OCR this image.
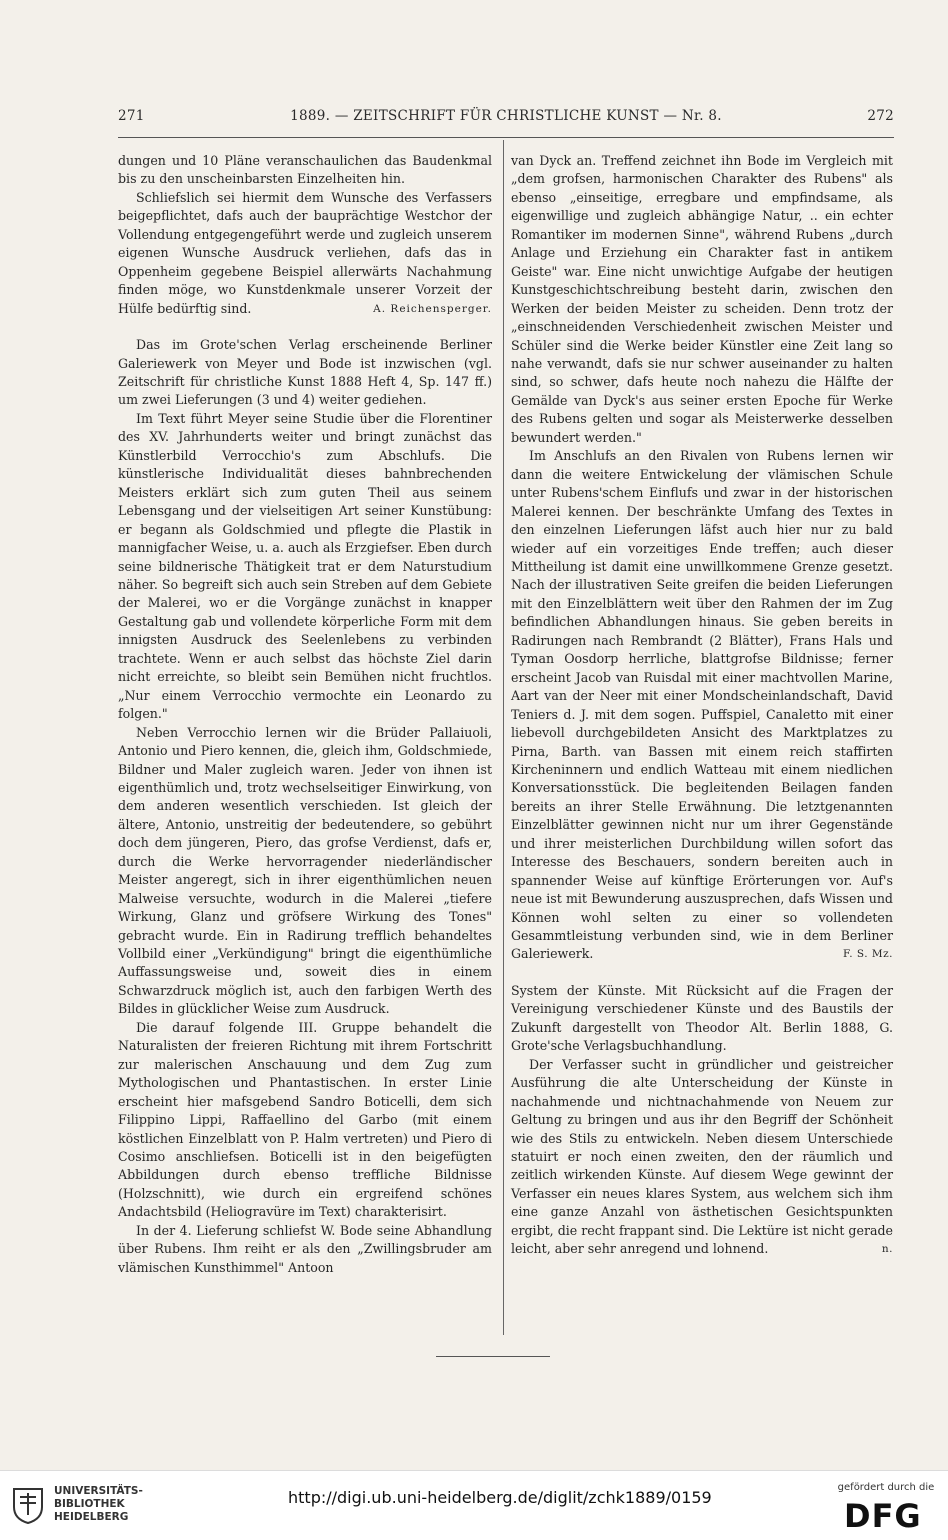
271	1889. — ZEITSCHRIFT FÜR CHRISTLICHE KUNST — Nr. 8.	272

dungen und 10 Pläne veranschaulichen das Baudenkmal bis zu den unscheinbarsten Einzelheiten hin.

Schliefslich sei hiermit dem Wunsche des Verfassers beigepflichtet, dafs auch der bauprächtige Westchor der Vollendung entgegengeführt werde und zugleich unserem eigenen Wunsche Ausdruck verliehen, dafs das in Oppenheim gegebene Beispiel allerwärts Nachahmung finden möge, wo Kunstdenkmale unserer Vorzeit der Hülfe bedürftig sind.	A. Reichensperger.

Das im Grote'schen Verlag erscheinende Berliner Galeriewerk von Meyer und Bode ist inzwischen (vgl. Zeitschrift für christliche Kunst 1888 Heft 4, Sp. 147 ff.) um zwei Lieferungen (3 und 4) weiter gediehen.

Im Text führt Meyer seine Studie über die Florentiner des XV. Jahrhunderts weiter und bringt zunächst das Künstlerbild Verrocchio's zum Abschlufs. Die künstlerische Individualität dieses bahnbrechenden Meisters erklärt sich zum guten Theil aus seinem Lebensgang und der vielseitigen Art seiner Kunstübung: er begann als Goldschmied und pflegte die Plastik in mannigfacher Weise, u. a. auch als Erzgiefser. Eben durch seine bildnerische Thätigkeit trat er dem Naturstudium näher. So begreift sich auch sein Streben auf dem Gebiete der Malerei, wo er die Vorgänge zunächst in knapper Gestaltung gab und vollendete körperliche Form mit dem innigsten Ausdruck des Seelenlebens zu verbinden trachtete. Wenn er auch selbst das höchste Ziel darin nicht erreichte, so bleibt sein Bemühen nicht fruchtlos. „Nur einem Verrocchio vermochte ein Leonardo zu folgen."

Neben Verrocchio lernen wir die Brüder Pallaiuoli, Antonio und Piero kennen, die, gleich ihm, Goldschmiede, Bildner und Maler zugleich waren. Jeder von ihnen ist eigenthümlich und, trotz wechselseitiger Einwirkung, von dem anderen wesentlich verschieden. Ist gleich der ältere, Antonio, unstreitig der bedeutendere, so gebührt doch dem jüngeren, Piero, das grofse Verdienst, dafs er, durch die Werke hervorragender niederländischer Meister angeregt, sich in ihrer eigenthümlichen neuen Malweise versuchte, wodurch in die Malerei „tiefere Wirkung, Glanz und gröfsere Wirkung des Tones" gebracht wurde. Ein in Radirung trefflich behandeltes Vollbild einer „Verkündigung" bringt die eigenthümliche Auffassungsweise und, soweit dies in einem Schwarzdruck möglich ist, auch den farbigen Werth des Bildes in glücklicher Weise zum Ausdruck.

Die darauf folgende III. Gruppe behandelt die Naturalisten der freieren Richtung mit ihrem Fortschritt zur malerischen Anschauung und dem Zug zum Mythologischen und Phantastischen. In erster Linie erscheint hier mafsgebend Sandro Boticelli, dem sich Filippino Lippi, Raffaellino del Garbo (mit einem köstlichen Einzelblatt von P. Halm vertreten) und Piero di Cosimo anschliefsen. Boticelli ist in den beigefügten Abbildungen durch ebenso treffliche Bildnisse (Holzschnitt), wie durch ein ergreifend schönes Andachtsbild (Heliogravüre im Text) charakterisirt.

In der 4. Lieferung schliefst W. Bode seine Abhandlung über Rubens. Ihm reiht er als den „Zwillingsbruder am vlämischen Kunsthimmel" Antoon

van Dyck an. Treffend zeichnet ihn Bode im Vergleich mit „dem grofsen, harmonischen Charakter des Rubens" als ebenso „einseitige, erregbare und empfindsame, als eigenwillige und zugleich abhängige Natur, .. ein echter Romantiker im modernen Sinne", während Rubens „durch Anlage und Erziehung ein Charakter fast in antikem Geiste" war. Eine nicht unwichtige Aufgabe der heutigen Kunstgeschichtschreibung besteht darin, zwischen den Werken der beiden Meister zu scheiden. Denn trotz der „einschneidenden Verschiedenheit zwischen Meister und Schüler sind die Werke beider Künstler eine Zeit lang so nahe verwandt, dafs sie nur schwer auseinander zu halten sind, so schwer, dafs heute noch nahezu die Hälfte der Gemälde van Dyck's aus seiner ersten Epoche für Werke des Rubens gelten und sogar als Meisterwerke desselben bewundert werden."

Im Anschlufs an den Rivalen von Rubens lernen wir dann die weitere Entwickelung der vlämischen Schule unter Rubens'schem Einflufs und zwar in der historischen Malerei kennen. Der beschränkte Umfang des Textes in den einzelnen Lieferungen läfst auch hier nur zu bald wieder auf ein vorzeitiges Ende treffen; auch dieser Mittheilung ist damit eine unwillkommene Grenze gesetzt. Nach der illustrativen Seite greifen die beiden Lieferungen mit den Einzelblättern weit über den Rahmen der im Zug befindlichen Abhandlungen hinaus. Sie geben bereits in Radirungen nach Rembrandt (2 Blätter), Frans Hals und Tyman Oosdorp herrliche, blattgrofse Bildnisse; ferner erscheint Jacob van Ruisdal mit einer machtvollen Marine, Aart van der Neer mit einer Mondscheinlandschaft, David Teniers d. J. mit dem sogen. Puffspiel, Canaletto mit einer liebevoll durchgebildeten Ansicht des Marktplatzes zu Pirna, Barth. van Bassen mit einem reich staffirten Kircheninnern und endlich Watteau mit einem niedlichen Konversationsstück. Die begleitenden Beilagen fanden bereits an ihrer Stelle Erwähnung. Die letztgenannten Einzelblätter gewinnen nicht nur um ihrer Gegenstände und ihrer meisterlichen Durchbildung willen sofort das Interesse des Beschauers, sondern bereiten auch in spannender Weise auf künftige Erörterungen vor. Auf's neue ist mit Bewunderung auszusprechen, dafs Wissen und Können wohl selten zu einer so vollendeten Gesammtleistung verbunden sind, wie in dem Berliner Galeriewerk.	F. S. Mz.

System der Künste. Mit Rücksicht auf die Fragen der Vereinigung verschiedener Künste und des Baustils der Zukunft dargestellt von Theodor Alt. Berlin 1888, G. Grote'sche Verlagsbuchhandlung.

Der Verfasser sucht in gründlicher und geistreicher Ausführung die alte Unterscheidung der Künste in nachahmende und nichtnachahmende von Neuem zur Geltung zu bringen und aus ihr den Begriff der Schönheit wie des Stils zu entwickeln. Neben diesem Unterschiede statuirt er noch einen zweiten, den der räumlich und zeitlich wirkenden Künste. Auf diesem Wege gewinnt der Verfasser ein neues klares System, aus welchem sich ihm eine ganze Anzahl von ästhetischen Gesichtspunkten ergibt, die recht frappant sind. Die Lektüre ist nicht gerade leicht, aber sehr anregend und lohnend.	n.

UNIVERSITÄTS-
BIBLIOTHEK
HEIDELBERG
http://digi.ub.uni-heidelberg.de/diglit/zchk1889/0159
gefördert durch die
DFG
